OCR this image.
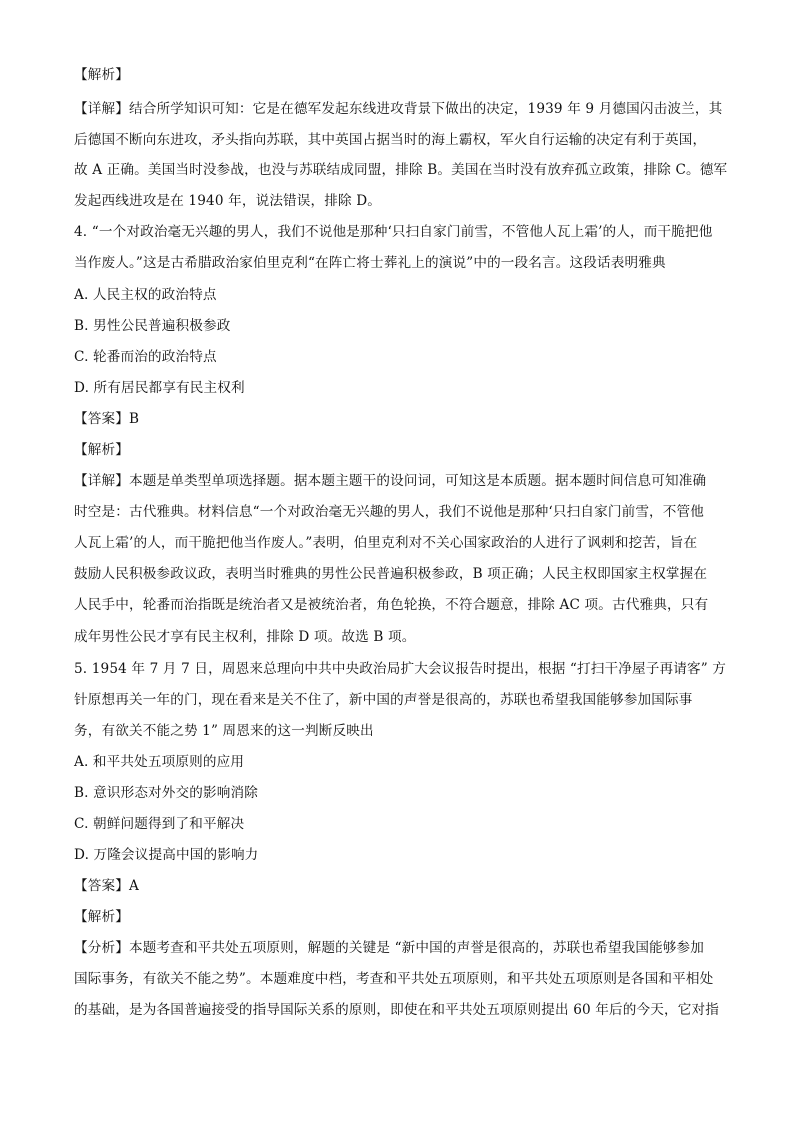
【解析】
【详解】结合所学知识可知：它是在德军发起东线进攻背景下做出的决定，1939 年 9 月德国闪击波兰，其
后德国不断向东进攻，矛头指向苏联，其中英国占据当时的海上霸权，军火自行运输的决定有利于英国，
故 A 正确。美国当时没参战，也没与苏联结成同盟，排除 B。美国在当时没有放弃孤立政策，排除 C。德军
发起西线进攻是在 1940 年，说法错误，排除 D。
4. “一个对政治毫无兴趣的男人，我们不说他是那种‘只扫自家门前雪，不管他人瓦上霜’的人，而干脆把他
当作废人。”这是古希腊政治家伯里克利“在阵亡将士葬礼上的演说”中的一段名言。这段话表明雅典
A. 人民主权的政治特点
B. 男性公民普遍积极参政
C. 轮番而治的政治特点
D. 所有居民都享有民主权利
【答案】B
【解析】
【详解】本题是单类型单项选择题。据本题主题干的设问词，可知这是本质题。据本题时间信息可知准确
时空是：古代雅典。材料信息“一个对政治毫无兴趣的男人，我们不说他是那种‘只扫自家门前雪，不管他
人瓦上霜’的人，而干脆把他当作废人。”表明，伯里克利对不关心国家政治的人进行了讽刺和挖苦，旨在
鼓励人民积极参政议政，表明当时雅典的男性公民普遍积极参政，B 项正确；人民主权即国家主权掌握在
人民手中，轮番而治指既是统治者又是被统治者，角色轮换，不符合题意，排除 AC 项。古代雅典，只有
成年男性公民才享有民主权利，排除 D 项。故选 B 项。
5. 1954 年 7 月 7 日，周恩来总理向中共中央政治局扩大会议报告时提出，根据 “打扫干净屋子再请客” 方
针原想再关一年的门，现在看来是关不住了，新中国的声誉是很高的，苏联也希望我国能够参加国际事
务，有欲关不能之势 1” 周恩来的这一判断反映出
A. 和平共处五项原则的应用
B. 意识形态对外交的影响消除
C. 朝鲜问题得到了和平解决
D. 万隆会议提高中国的影响力
【答案】A
【解析】
【分析】本题考查和平共处五项原则，解题的关键是 “新中国的声誉是很高的，苏联也希望我国能够参加
国际事务，有欲关不能之势”。本题难度中档，考查和平共处五项原则，和平共处五项原则是各国和平相处
的基础，是为各国普遍接受的指导国际关系的原则，即使在和平共处五项原则提出 60 年后的今天，它对指
